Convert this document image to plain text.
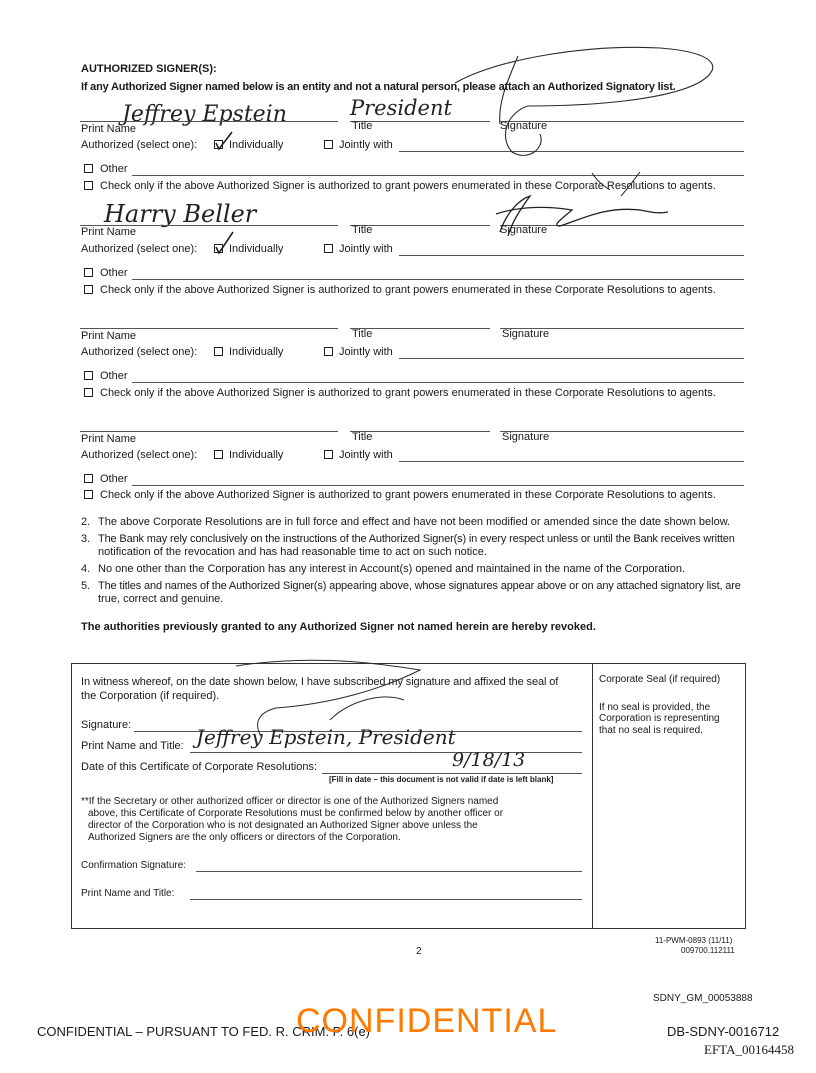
AUTHORIZED SIGNER(S):
If any Authorized Signer named below is an entity and not a natural person, please attach an Authorized Signatory list.
Jeffrey Epstein	President
Print Name	Title	Signature
Authorized (select one):	Individually	Jointly with
Other
Check only if the above Authorized Signer is authorized to grant powers enumerated in these Corporate Resolutions to agents.
Harry Beller
Print Name	Title	Signature
Authorized (select one):	Individually	Jointly with
Other
Check only if the above Authorized Signer is authorized to grant powers enumerated in these Corporate Resolutions to agents.
Print Name	Title	Signature
Authorized (select one):	Individually	Jointly with
Other
Check only if the above Authorized Signer is authorized to grant powers enumerated in these Corporate Resolutions to agents.
Print Name	Title	Signature
Authorized (select one):	Individually	Jointly with
Other
Check only if the above Authorized Signer is authorized to grant powers enumerated in these Corporate Resolutions to agents.
2. The above Corporate Resolutions are in full force and effect and have not been modified or amended since the date shown below.
3. The Bank may rely conclusively on the instructions of the Authorized Signer(s) in every respect unless or until the Bank receives written
notification of the revocation and has had reasonable time to act on such notice.
4. No one other than the Corporation has any interest in Account(s) opened and maintained in the name of the Corporation.
5. The titles and names of the Authorized Signer(s) appearing above, whose signatures appear above or on any attached signatory list, are
true, correct and genuine.
The authorities previously granted to any Authorized Signer not named herein are hereby revoked.
In witness whereof, on the date shown below, I have subscribed my signature and affixed the seal of
the Corporation (if required).
Signature:
Print Name and Title: Jeffrey Epstein, President
Date of this Certificate of Corporate Resolutions:	9/18/13
[Fill in date – this document is not valid if date is left blank]
**If the Secretary or other authorized officer or director is one of the Authorized Signers named
above, this Certificate of Corporate Resolutions must be confirmed below by another officer or
director of the Corporation who is not designated an Authorized Signer above unless the
Authorized Signers are the only officers or directors of the Corporation.
Confirmation Signature:
Print Name and Title:
Corporate Seal (if required)
If no seal is provided, the
Corporation is representing
that no seal is required.
2
11-PWM-0893 (11/11)
009700.112111
SDNY_GM_00053888
CONFIDENTIAL – PURSUANT TO FED. R. CRIM. P. 6(e)
CONFIDENTIAL	DB-SDNY-0016712
EFTA_00164458
